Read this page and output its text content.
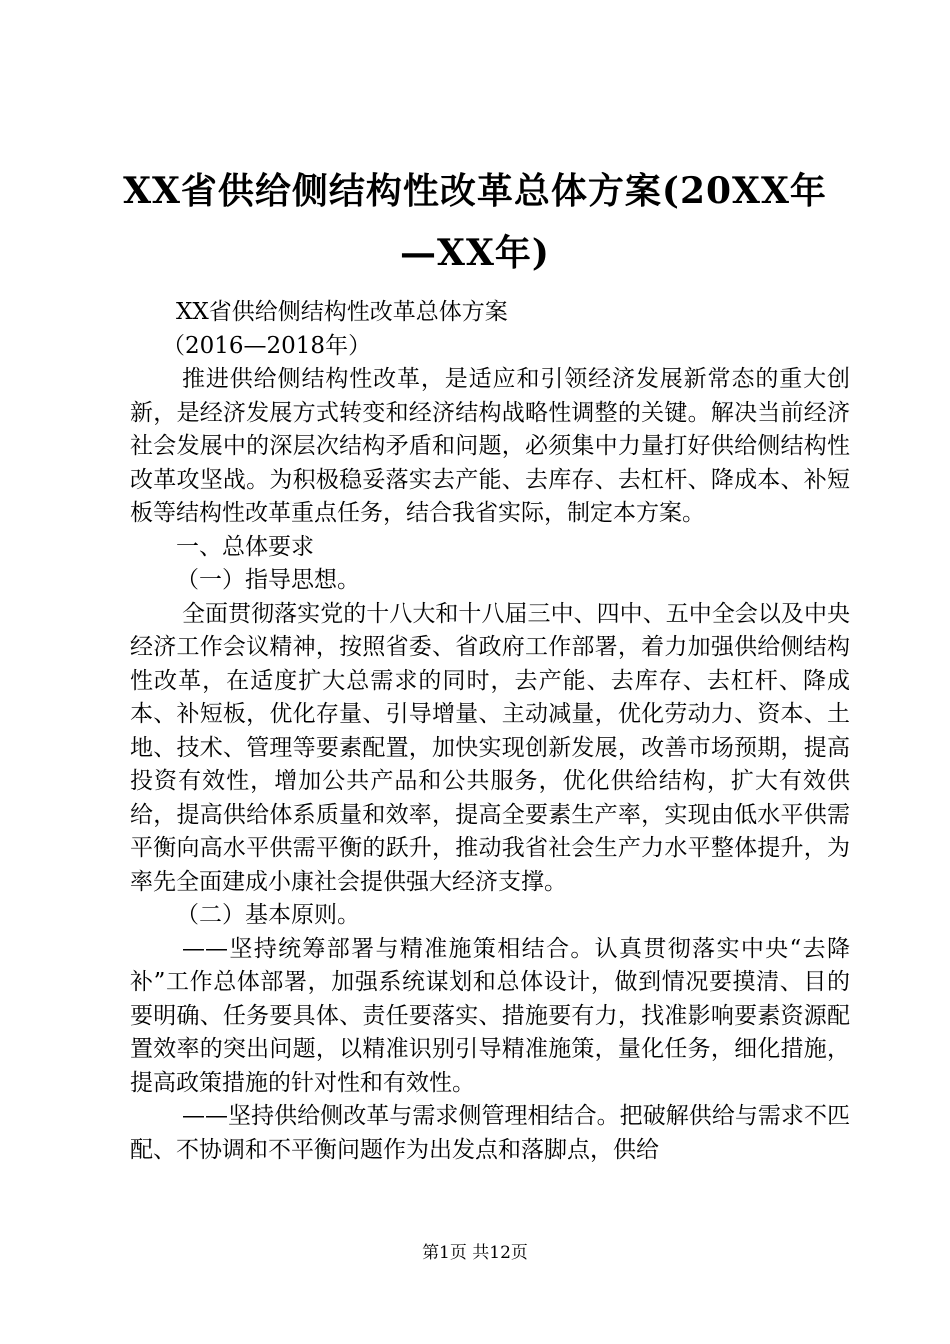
XX省供给侧结构性改革总体方案(20XX年—XX年)

XX省供给侧结构性改革总体方案

（2016—2018年）

推进供给侧结构性改革，是适应和引领经济发展新常态的重大创新，是经济发展方式转变和经济结构战略性调整的关键。解决当前经济社会发展中的深层次结构矛盾和问题，必须集中力量打好供给侧结构性改革攻坚战。为积极稳妥落实去产能、去库存、去杠杆、降成本、补短板等结构性改革重点任务，结合我省实际，制定本方案。

一、总体要求

（一）指导思想。

全面贯彻落实党的十八大和十八届三中、四中、五中全会以及中央经济工作会议精神，按照省委、省政府工作部署，着力加强供给侧结构性改革，在适度扩大总需求的同时，去产能、去库存、去杠杆、降成本、补短板，优化存量、引导增量、主动减量，优化劳动力、资本、土地、技术、管理等要素配置，加快实现创新发展，改善市场预期，提高投资有效性，增加公共产品和公共服务，优化供给结构，扩大有效供给，提高供给体系质量和效率，提高全要素生产率，实现由低水平供需平衡向高水平供需平衡的跃升，推动我省社会生产力水平整体提升，为率先全面建成小康社会提供强大经济支撑。

（二）基本原则。

——坚持统筹部署与精准施策相结合。认真贯彻落实中央“去降补”工作总体部署，加强系统谋划和总体设计，做到情况要摸清、目的要明确、任务要具体、责任要落实、措施要有力，找准影响要素资源配置效率的突出问题，以精准识别引导精准施策，量化任务，细化措施，提高政策措施的针对性和有效性。

——坚持供给侧改革与需求侧管理相结合。把破解供给与需求不匹配、不协调和不平衡问题作为出发点和落脚点，供给

第1页 共12页
